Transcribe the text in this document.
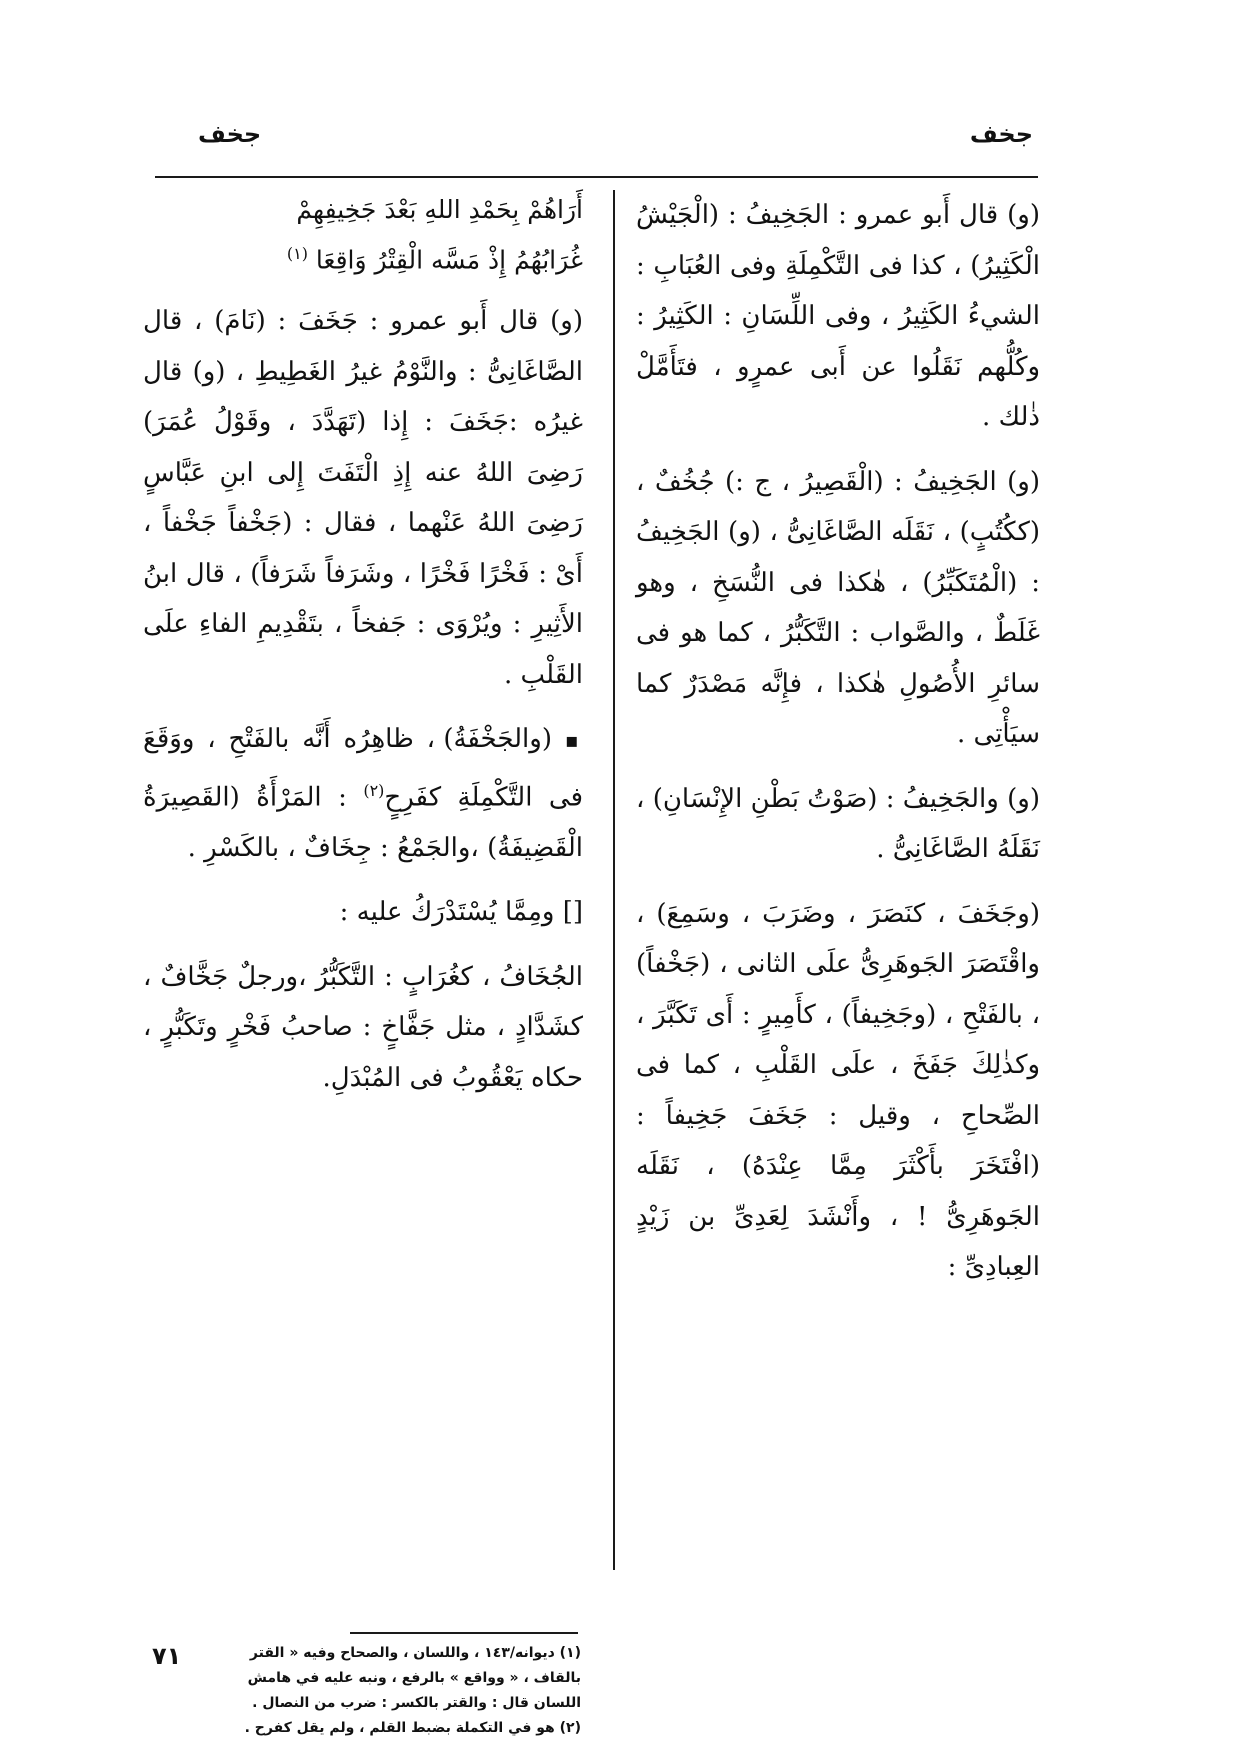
جخف
جخف

(و) قال أَبو عمرو : الجَخِيفُ : (الْجَيْشُ الْكَثِيرُ) ، كذا فى التَّكْمِلَةِ وفى العُبَابِ : الشيءُ الكَثِيرُ ، وفى اللِّسَانِ : الكَثِيرُ : وكُلُّهم نَقَلُوا عن أَبى عمرٍو ، فتَأَمَّلْ ذٰلك .

(و) الجَخِيفُ : (الْقَصِيرُ ، ج :) جُخُفٌ ، (ككُتُبٍ) ، نَقَلَه الصَّاغَانِىُّ ، (و) الجَخِيفُ : (الْمُتَكَبِّرُ) ، هٰكذا فى النُّسَخِ ، وهو غَلَطٌ ، والصَّواب : التَّكَبُّرُ ، كما هو فى سائرِ الأُصُولِ هٰكذا ، فإِنَّه مَصْدَرٌ كما سيَأْتِى .

(و) والجَخِيفُ : (صَوْتُ بَطْنِ الإِنْسَانِ) ، نَقَلَهُ الصَّاغَانِىُّ .

(وجَخَفَ ، كنَصَرَ ، وضَرَبَ ، وسَمِعَ) ، واقْتَصَرَ الجَوهَرِىُّ علَى الثانى ، (جَخْفاً) ، بالفَتْحِ ، (وجَخِيفاً) ، كأَمِيرٍ : أَى تَكَبَّرَ ، وكذٰلِكَ جَفَخَ ، علَى القَلْبِ ، كما فى الصِّحاحِ ، وقيل : جَخَفَ جَخِيفاً : (افْتَخَرَ بأَكْثَرَ مِمَّا عِنْدَهُ) ، نَقَلَه الجَوهَرِىُّ ! ، وأَنْشَدَ لِعَدِىِّ بن زَيْدٍ العِبادِىِّ :

أَرَاهُمْ بِحَمْدِ اللهِ بَعْدَ جَخِيفِهِمْ
غُرَابُهُمُ إِذْ مَسَّه الْقِتْرُ وَاقِعَا $^{(١)}$

(و) قال أَبو عمرو : جَخَفَ : (نَامَ) ، قال الصَّاغَانِىُّ : والنَّوْمُ غيرُ الغَطِيطِ ، (و) قال غيرُه :جَخَفَ : إِذا (تَهَدَّدَ ، وقَوْلُ عُمَرَ) رَضِىَ اللهُ عنه إِذِ الْتَفَتَ إِلى ابنِ عَبَّاسٍ رَضِىَ اللهُ عَنْهما ، فقال : (جَخْفاً جَخْفاً ، أَىْ : فَخْرًا فَخْرًا ، وشَرَفاً شَرَفاً) ، قال ابنُ الأَثِيرِ : ويُرْوَى : جَفخاً ، بتَقْدِيمِ الفاءِ علَى القَلْبِ .

▪ (والجَخْفَةُ) ، ظاهِرُه أَنَّه بالفَتْحِ ، ووَقَعَ فى التَّكْمِلَةِ كفَرِحٍ$^{(٢)}$ : المَرْأَةُ (القَصِيرَةُ الْقَضِيفَةُ) ،والجَمْعُ : جِخَافٌ ، بالكَسْرِ .

[] ومِمَّا يُسْتَدْرَكُ عليه :

الجُخَافُ ، كغُرَابٍ : التَّكَبُّرُ ،ورجلٌ جَخَّافٌ ، كشَدَّادٍ ، مثل جَفَّاخٍ : صاحبُ فَخْرٍ وتَكَبُّرٍ ، حكاه يَعْقُوبُ فى المُبْدَلِ.

(١) ديوانه/١٤٣ ، واللسان ، والصحاح وفيه « القتر
بالقاف ، « وواقع » بالرفع ، ونبه عليه في هامش
اللسان قال : والقتر بالكسر : ضرب من النصال .
(٢) هو في التكملة بضبط القلم ، ولم يقل كفرح .
٧١
